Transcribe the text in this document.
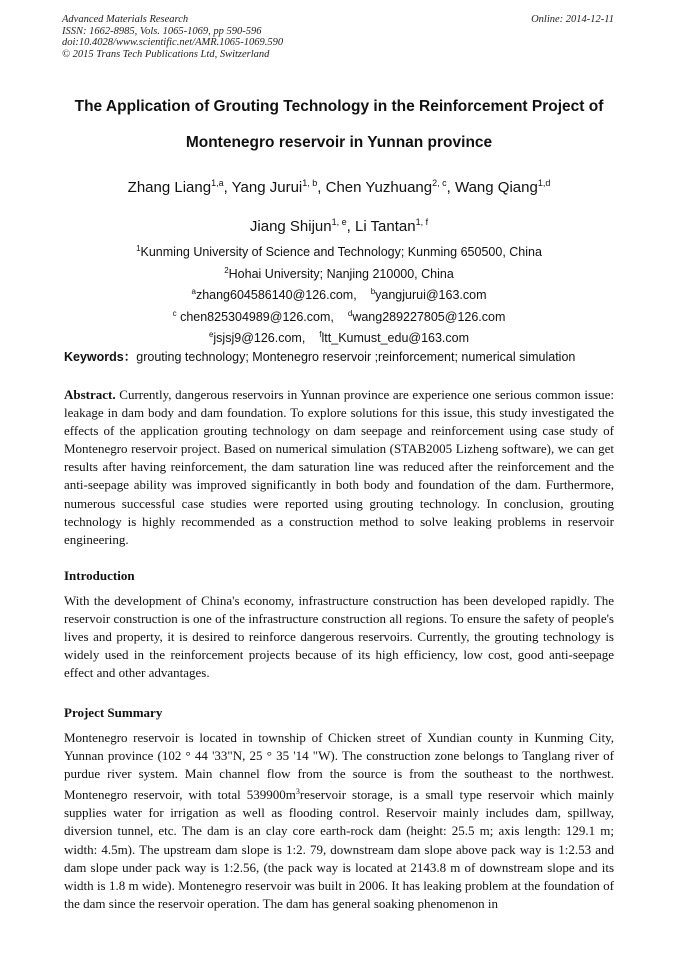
Advanced Materials Research
ISSN: 1662-8985, Vols. 1065-1069, pp 590-596
doi:10.4028/www.scientific.net/AMR.1065-1069.590
© 2015 Trans Tech Publications Ltd, Switzerland
Online: 2014-12-11
The Application of Grouting Technology in the Reinforcement Project of
Montenegro reservoir in Yunnan province
Zhang Liang$^{1,a}$, Yang Jurui$^{1, b}$, Chen Yuzhuang$^{2, c}$, Wang Qiang$^{1,d}$
Jiang Shijun$^{1, e}$, Li Tantan$^{1, f}$
$^1$Kunming University of Science and Technology; Kunming 650500, China
$^2$Hohai University; Nanjing 210000, China
$^a$zhang604586140@126.com, $^b$yangjurui@163.com
$^c$ chen825304989@126.com, $^d$wang289227805@126.com
$^e$jsjsj9@126.com, $^f$ltt_Kumust_edu@163.com
Keywords：grouting technology; Montenegro reservoir ;reinforcement; numerical simulation
Abstract. Currently, dangerous reservoirs in Yunnan province are experience one serious common issue: leakage in dam body and dam foundation. To explore solutions for this issue, this study investigated the effects of the application grouting technology on dam seepage and reinforcement using case study of Montenegro reservoir project. Based on numerical simulation (STAB2005 Lizheng software), we can get results after having reinforcement, the dam saturation line was reduced after the reinforcement and the anti-seepage ability was improved significantly in both body and foundation of the dam. Furthermore, numerous successful case studies were reported using grouting technology. In conclusion, grouting technology is highly recommended as a construction method to solve leaking problems in reservoir engineering.
Introduction
With the development of China's economy, infrastructure construction has been developed rapidly. The reservoir construction is one of the infrastructure construction all regions. To ensure the safety of people's lives and property, it is desired to reinforce dangerous reservoirs. Currently, the grouting technology is widely used in the reinforcement projects because of its high efficiency, low cost, good anti-seepage effect and other advantages.
Project Summary
Montenegro reservoir is located in township of Chicken street of Xundian county in Kunming City, Yunnan province (102 ° 44 '33"N, 25 ° 35 '14 "W). The construction zone belongs to Tanglang river of purdue river system. Main channel flow from the source is from the southeast to the northwest. Montenegro reservoir, with total $539900m^3reservoir$ storage, is a small type reservoir which mainly supplies water for irrigation as well as flooding control. Reservoir mainly includes dam, spillway, diversion tunnel, etc. The dam is an clay core earth-rock dam (height: 25.5 m; axis length: 129.1 m; width: 4.5m). The upstream dam slope is 1:2. 79, downstream dam slope above pack way is 1:2.53 and dam slope under pack way is 1:2.56, (the pack way is located at 2143.8 m of downstream slope and its width is 1.8 m wide). Montenegro reservoir was built in 2006. It has leaking problem at the foundation of the dam since the reservoir operation. The dam has general soaking phenomenon in
